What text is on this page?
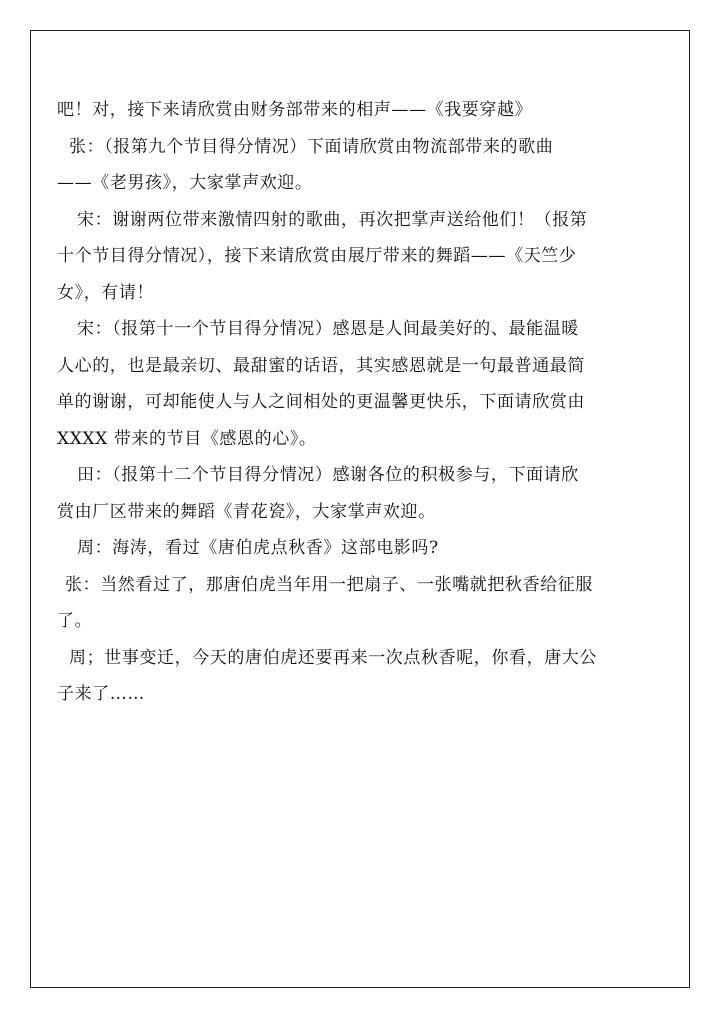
吧！对，接下来请欣赏由财务部带来的相声——《我要穿越》

张：（报第九个节目得分情况）下面请欣赏由物流部带来的歌曲

——《老男孩》，大家掌声欢迎。

宋：谢谢两位带来激情四射的歌曲，再次把掌声送给他们！（报第

十个节目得分情况），接下来请欣赏由展厅带来的舞蹈——《天竺少

女》，有请！

宋：（报第十一个节目得分情况）感恩是人间最美好的、最能温暖

人心的，也是最亲切、最甜蜜的话语，其实感恩就是一句最普通最简

单的谢谢，可却能使人与人之间相处的更温馨更快乐，下面请欣赏由

XXXX 带来的节目《感恩的心》。

田：（报第十二个节目得分情况）感谢各位的积极参与，下面请欣

赏由厂区带来的舞蹈《青花瓷》，大家掌声欢迎。

周：海涛，看过《唐伯虎点秋香》这部电影吗?

张：当然看过了，那唐伯虎当年用一把扇子、一张嘴就把秋香给征服

了。

周；世事变迁，今天的唐伯虎还要再来一次点秋香呢，你看，唐大公

子来了……
